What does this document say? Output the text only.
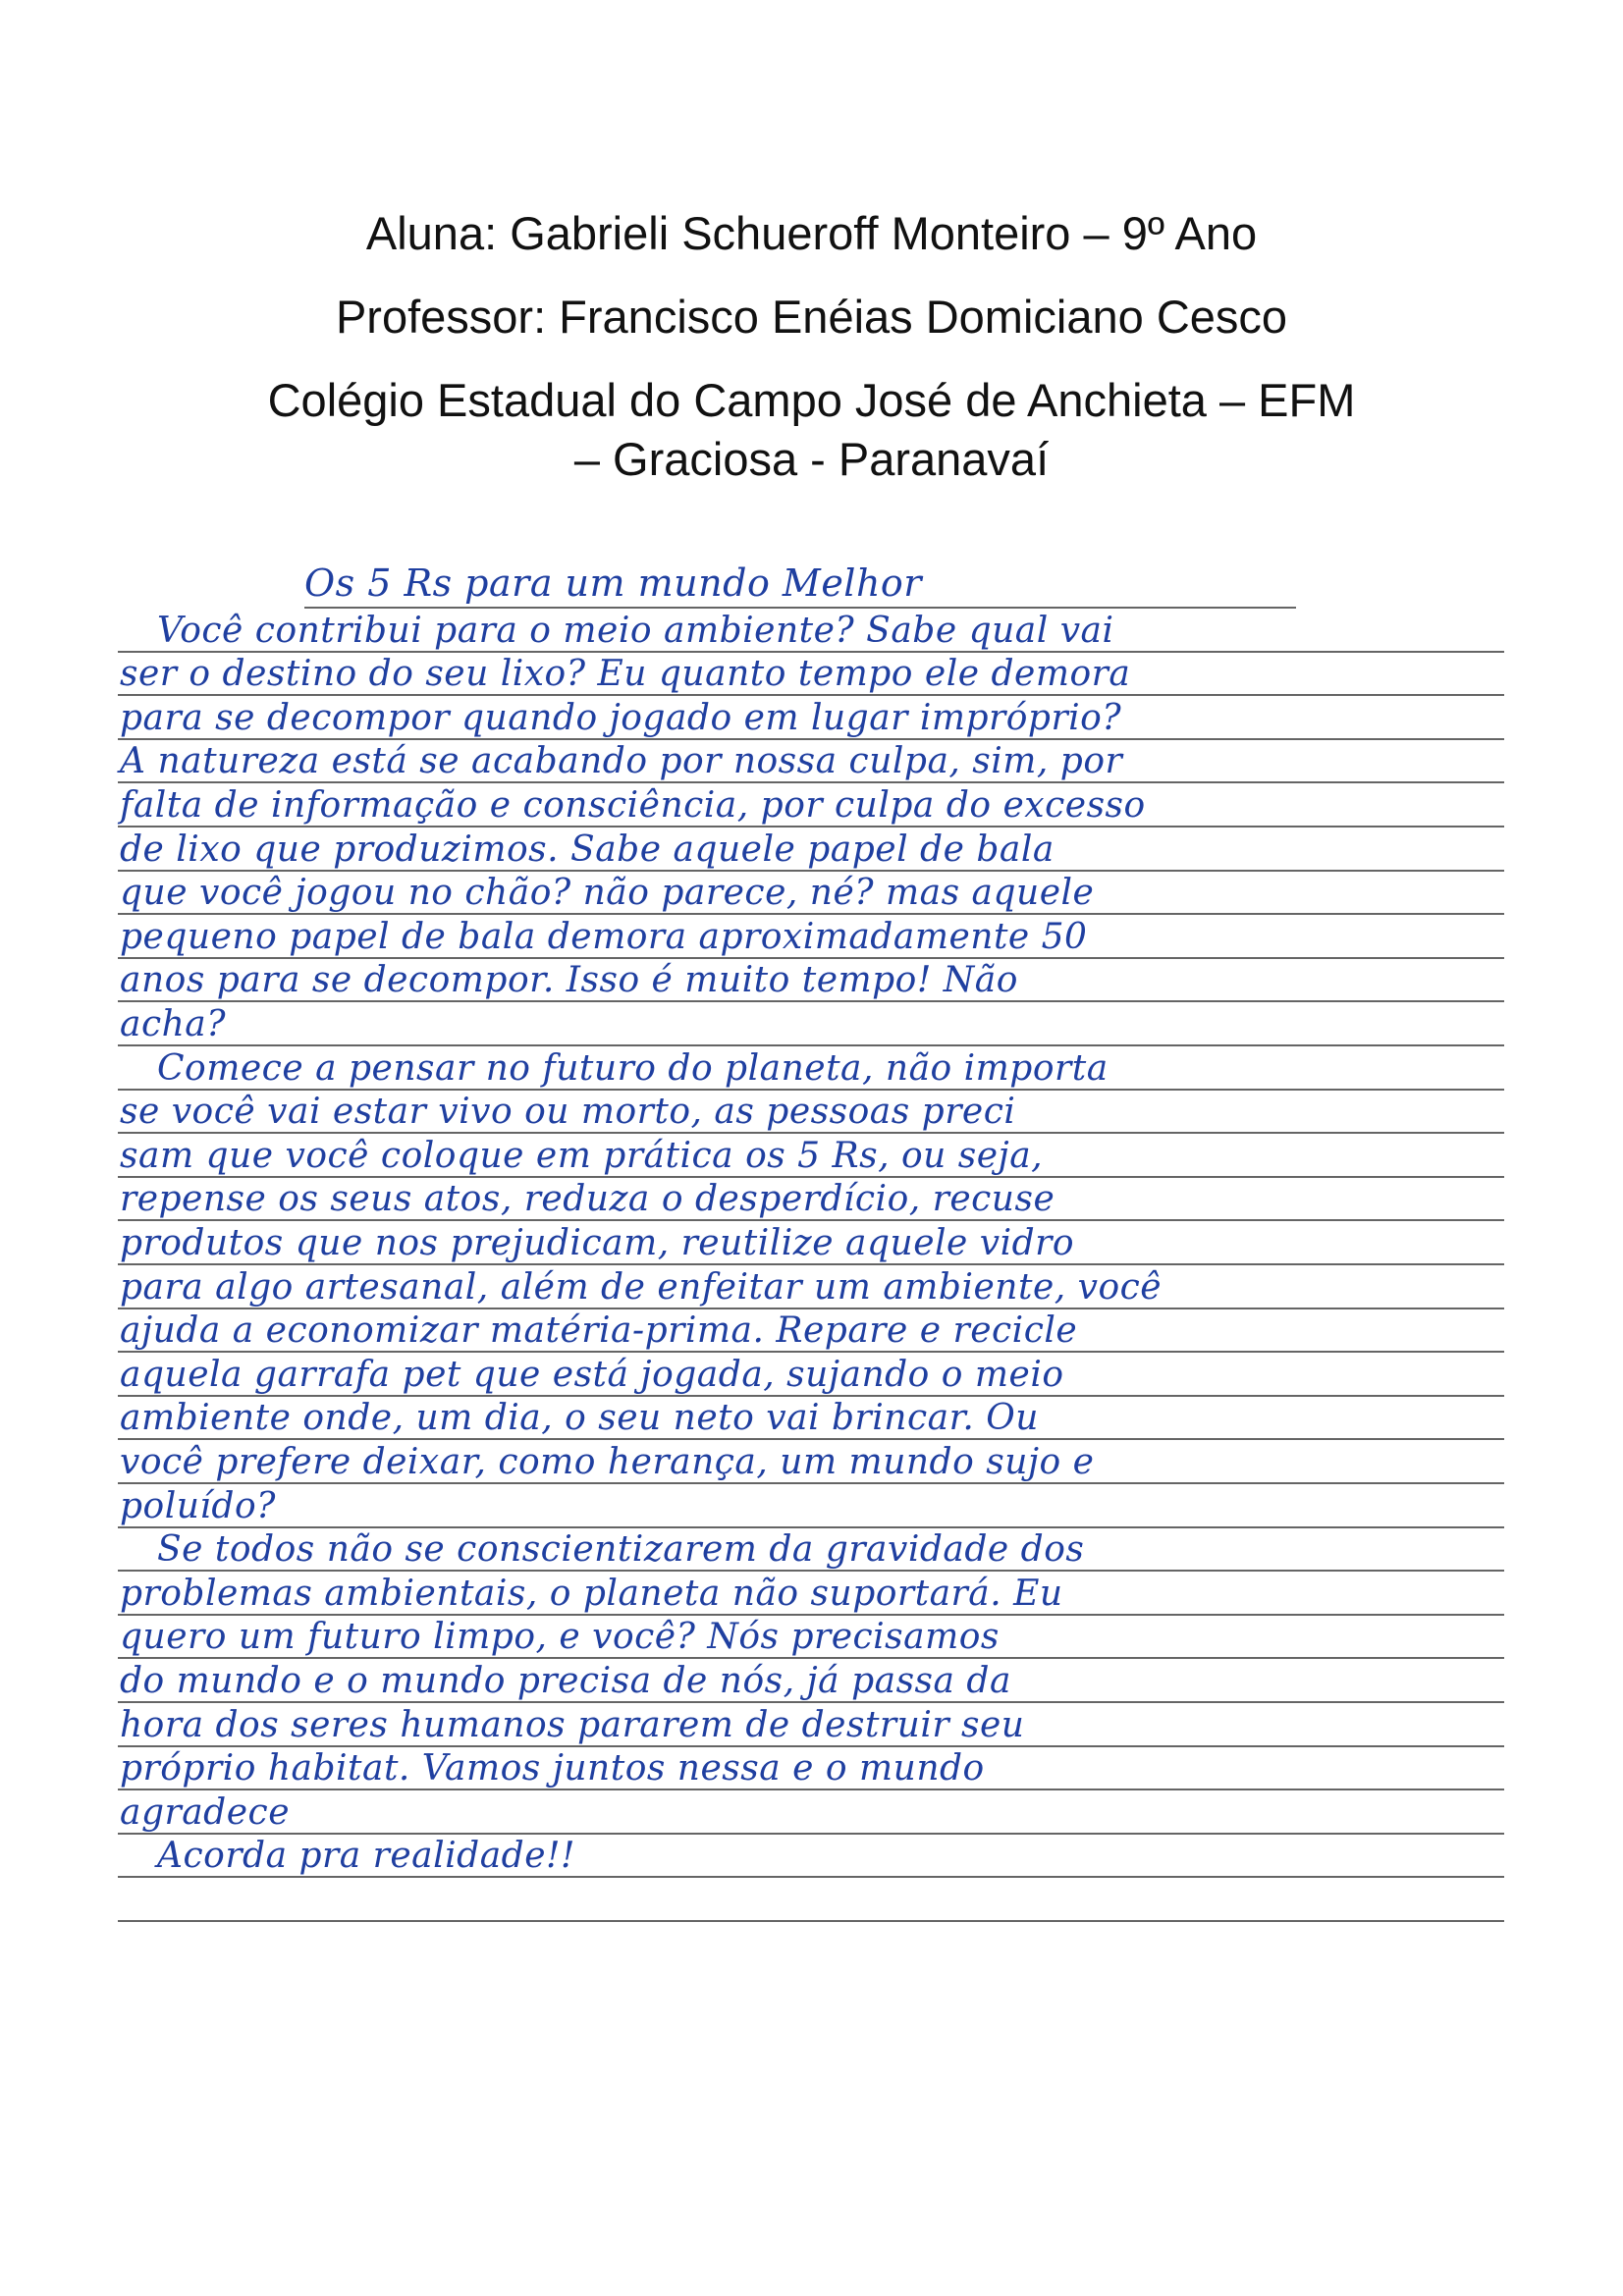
Aluna: Gabrieli Schueroff Monteiro – 9º Ano
Professor: Francisco Enéias Domiciano Cesco
Colégio Estadual do Campo José de Anchieta – EFM
– Graciosa - Paranavaí
Os 5 Rs para um mundo Melhor
Você contribui para o meio ambiente? Sabe qual vai
ser o destino do seu lixo? Eu quanto tempo ele demora
para se decompor quando jogado em lugar impróprio?
A natureza está se acabando por nossa culpa, sim, por
falta de informação e consciência, por culpa do excesso
de lixo que produzimos. Sabe aquele papel de bala
que você jogou no chão? não parece, né? mas aquele
pequeno papel de bala demora aproximadamente 50
anos para se decompor. Isso é muito tempo! Não
acha?
Comece a pensar no futuro do planeta, não importa
se você vai estar vivo ou morto, as pessoas preci
sam que você coloque em prática os 5 Rs, ou seja,
repense os seus atos, reduza o desperdício, recuse
produtos que nos prejudicam, reutilize aquele vidro
para algo artesanal, além de enfeitar um ambiente, você
ajuda a economizar matéria-prima. Repare e recicle
aquela garrafa pet que está jogada, sujando o meio
ambiente onde, um dia, o seu neto vai brincar. Ou
você prefere deixar, como herança, um mundo sujo e
poluído?
Se todos não se conscientizarem da gravidade dos
problemas ambientais, o planeta não suportará. Eu
quero um futuro limpo, e você? Nós precisamos
do mundo e o mundo precisa de nós, já passa da
hora dos seres humanos pararem de destruir seu
próprio habitat. Vamos juntos nessa e o mundo
agradece
Acorda pra realidade!!
